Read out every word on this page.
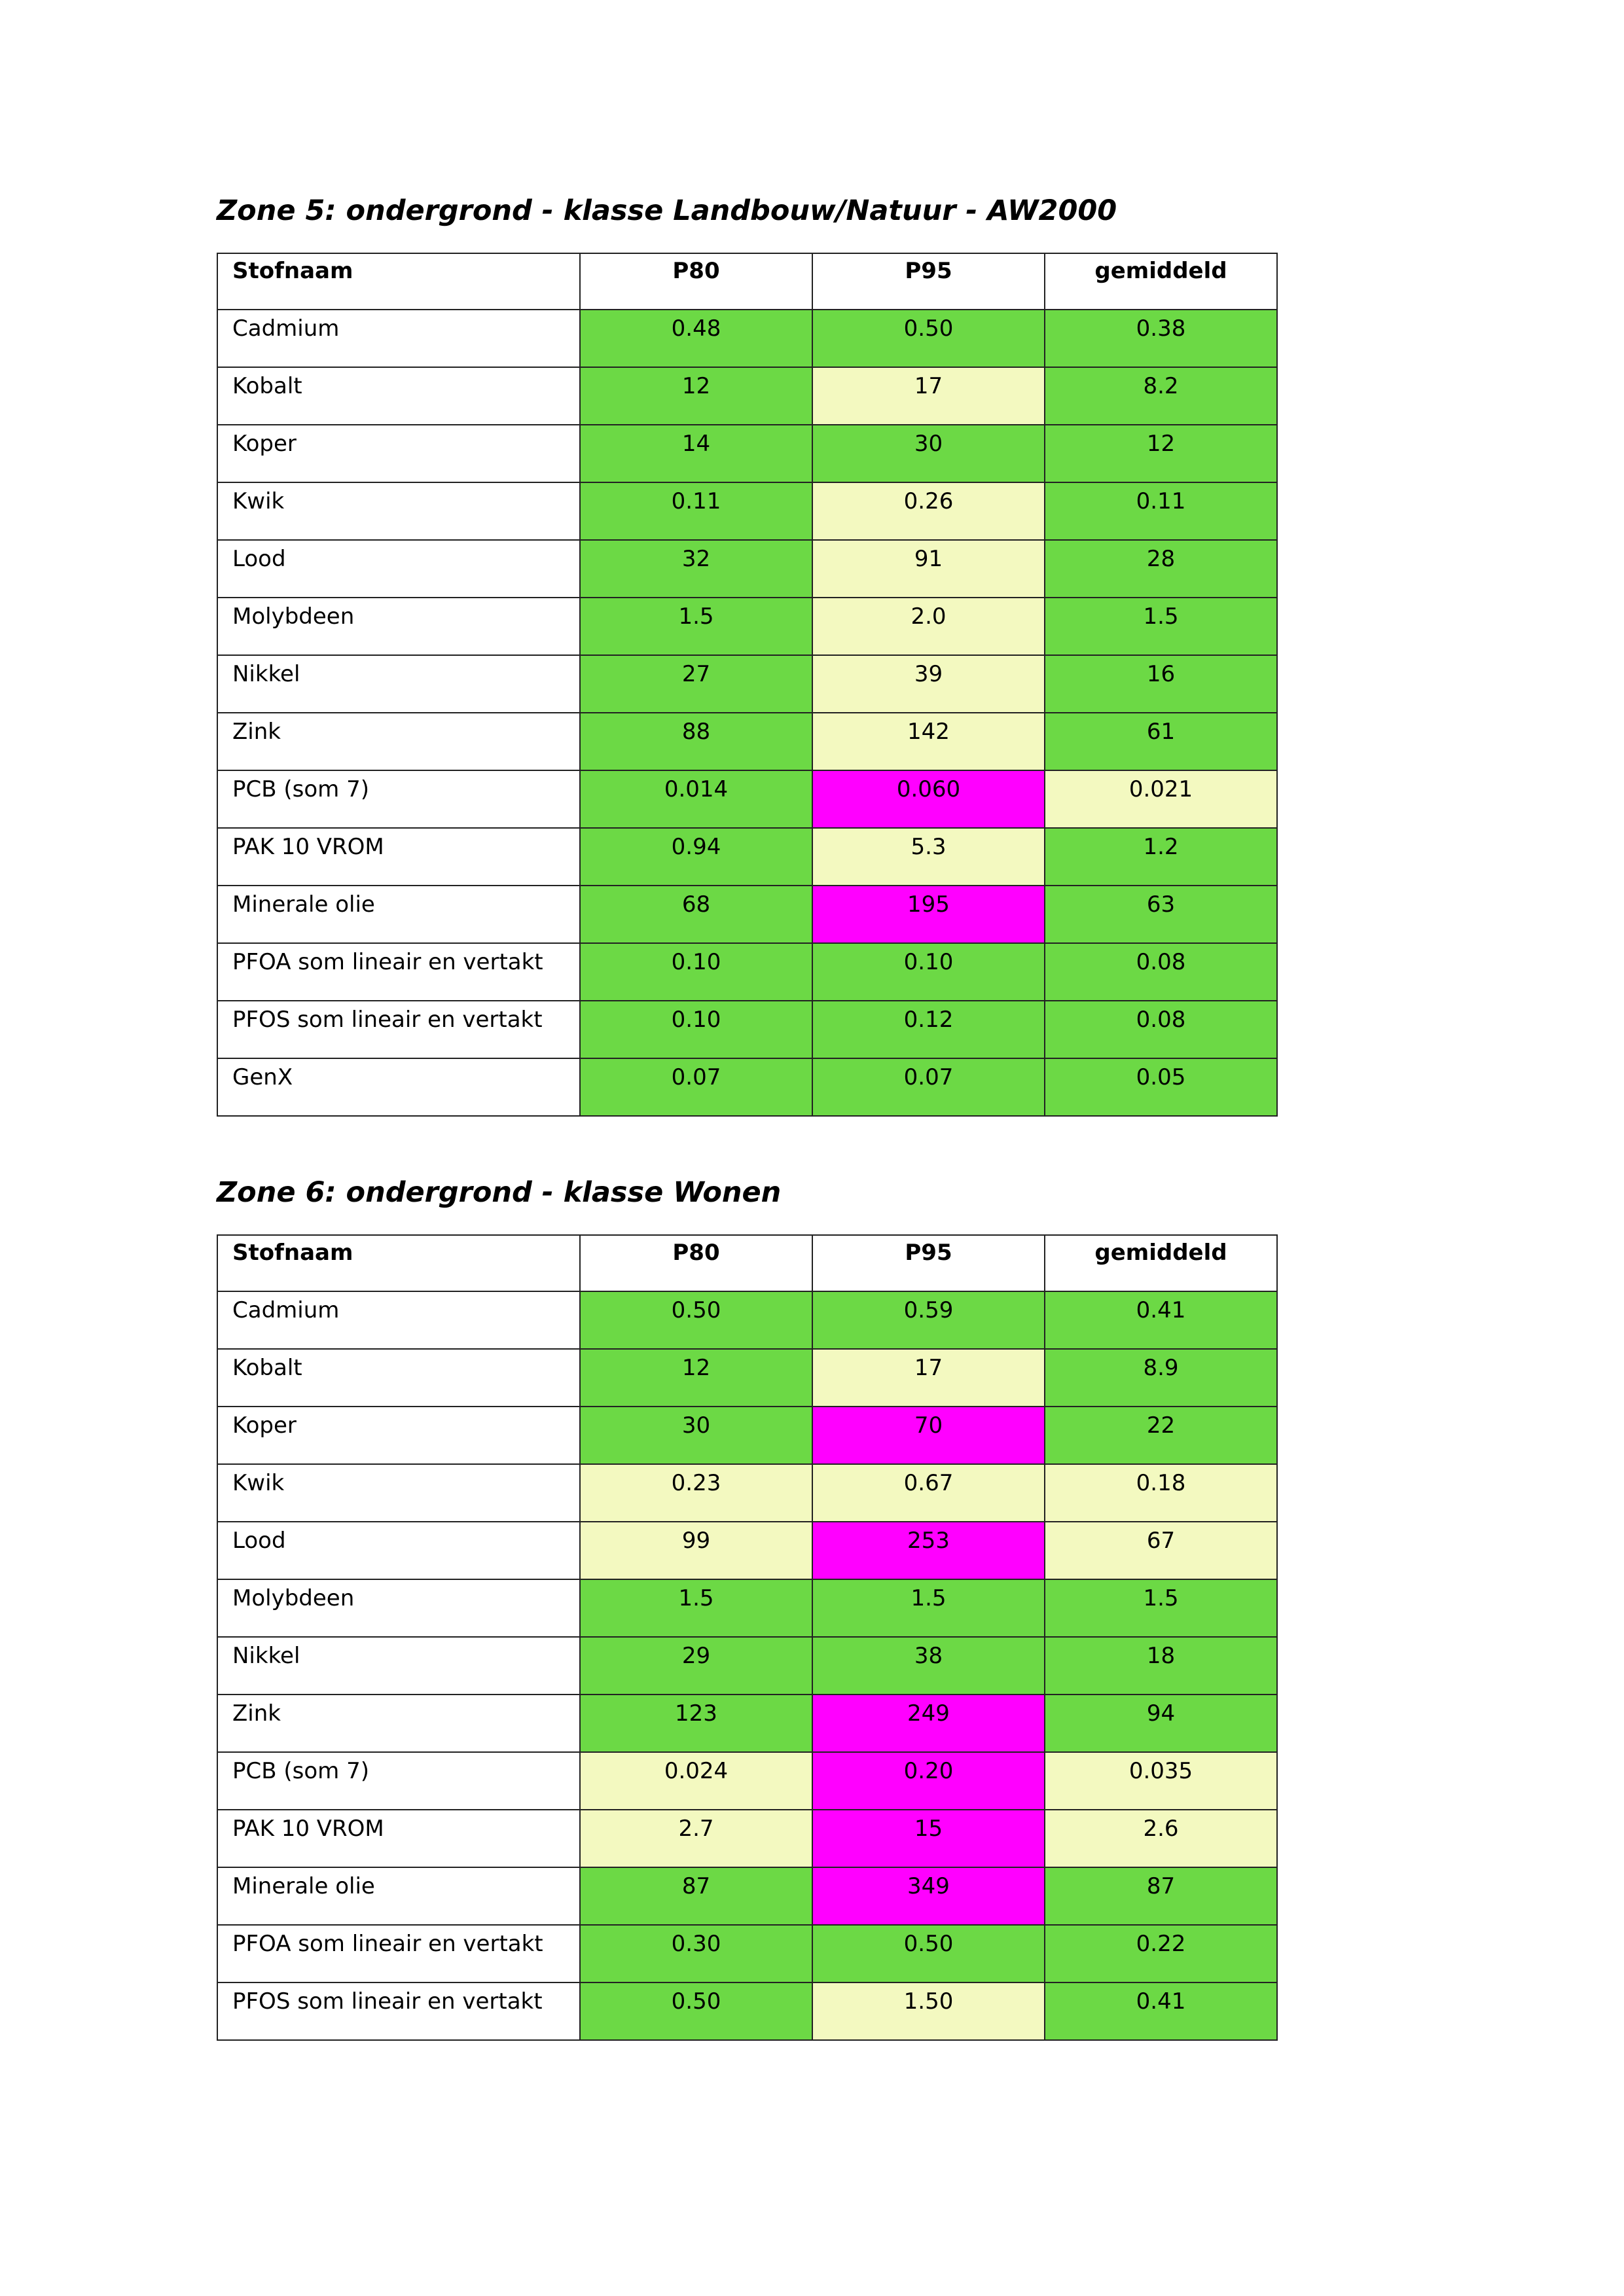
Zone 5: ondergrond - klasse Landbouw/Natuur - AW2000
Stofnaam	P80	P95	gemiddeld
Cadmium	0.48	0.50	0.38
Kobalt	12	17	8.2
Koper	14	30	12
Kwik	0.11	0.26	0.11
Lood	32	91	28
Molybdeen	1.5	2.0	1.5
Nikkel	27	39	16
Zink	88	142	61
PCB (som 7)	0.014	0.060	0.021
PAK 10 VROM	0.94	5.3	1.2
Minerale olie	68	195	63
PFOA som lineair en vertakt	0.10	0.10	0.08
PFOS som lineair en vertakt	0.10	0.12	0.08
GenX	0.07	0.07	0.05
Zone 6: ondergrond - klasse Wonen
Stofnaam	P80	P95	gemiddeld
Cadmium	0.50	0.59	0.41
Kobalt	12	17	8.9
Koper	30	70	22
Kwik	0.23	0.67	0.18
Lood	99	253	67
Molybdeen	1.5	1.5	1.5
Nikkel	29	38	18
Zink	123	249	94
PCB (som 7)	0.024	0.20	0.035
PAK 10 VROM	2.7	15	2.6
Minerale olie	87	349	87
PFOA som lineair en vertakt	0.30	0.50	0.22
PFOS som lineair en vertakt	0.50	1.50	0.41
